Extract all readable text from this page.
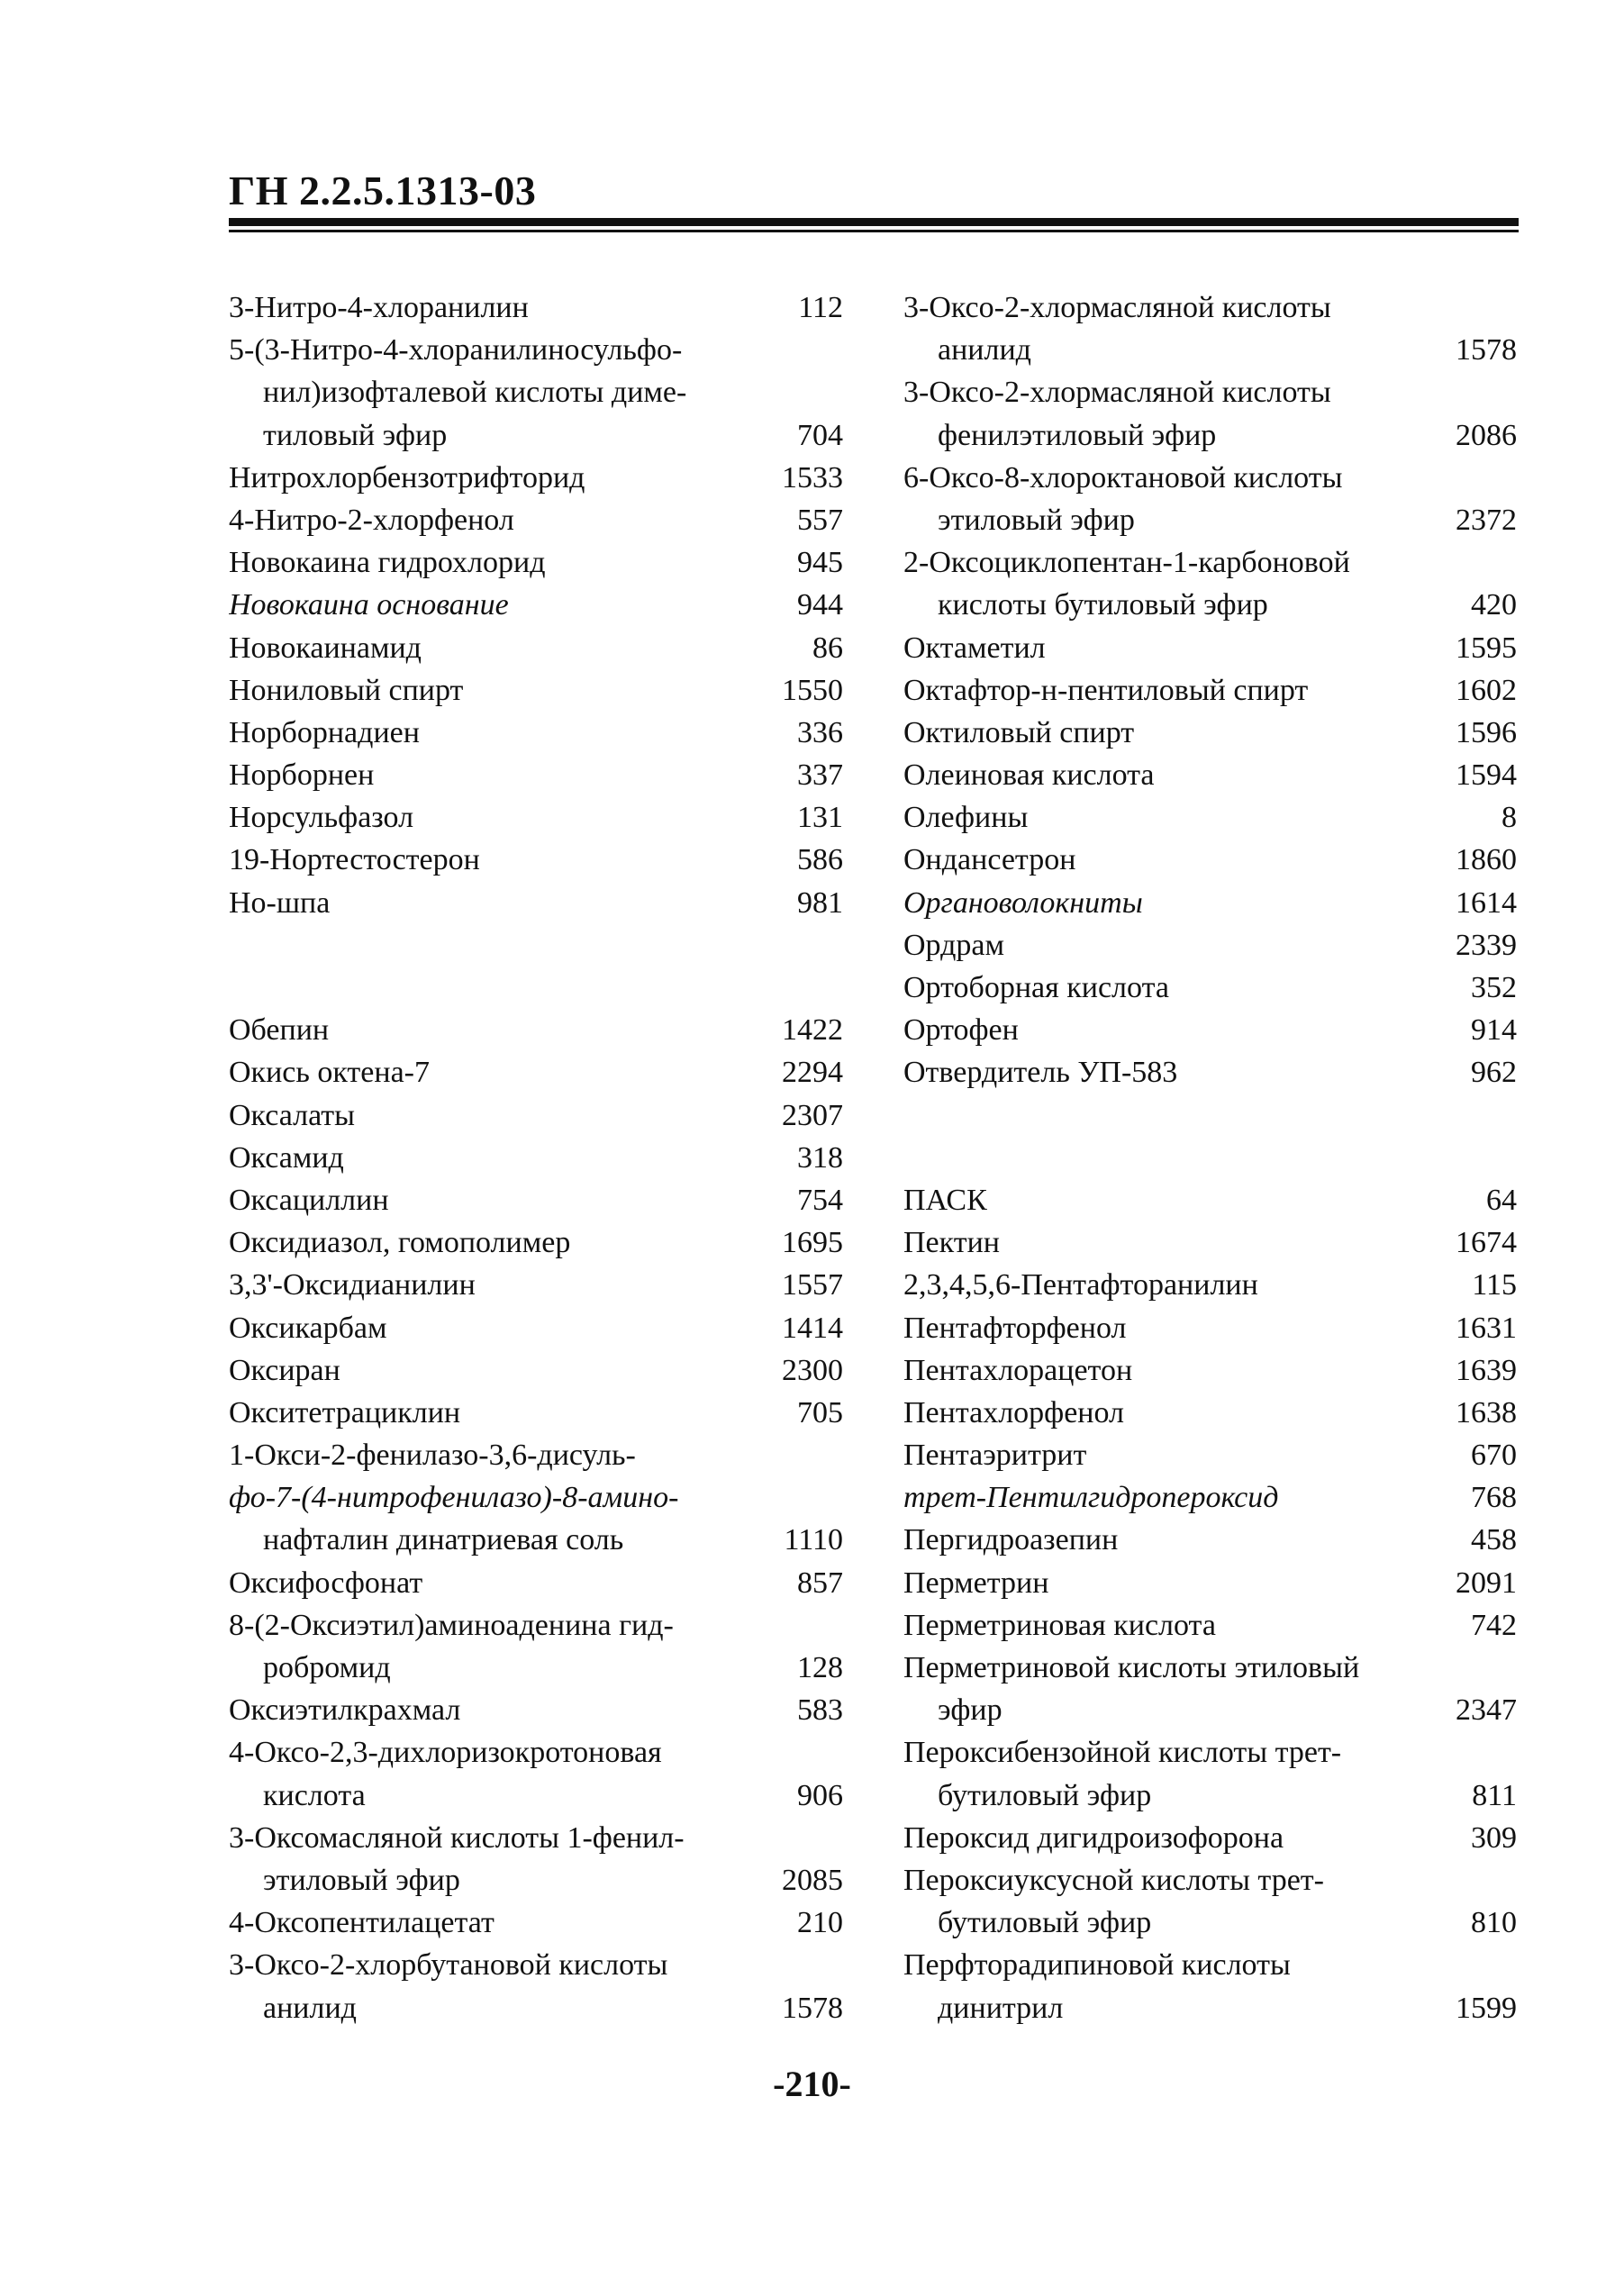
ГН 2.2.5.1313-03
3-Нитро-4-хлоранилин	112
5-(3-Нитро-4-хлоранилиносульфо-
нил)изофталевой кислоты диме-
тиловый эфир	704
Нитрохлорбензотрифторид	1533
4-Нитро-2-хлорфенол	557
Новокаина гидрохлорид	945
Новокаина основание	944
Новокаинамид	86
Нониловый спирт	1550
Норборнадиен	336
Норборнен	337
Норсульфазол	131
19-Нортестостерон	586
Но-шпа	981
Обепин	1422
Окись октена-7	2294
Оксалаты	2307
Оксамид	318
Оксациллин	754
Оксидиазол, гомополимер	1695
3,3'-Оксидианилин	1557
Оксикарбам	1414
Оксиран	2300
Окситетрациклин	705
1-Окси-2-фенилазо-3,6-дисуль-
фо-7-(4-нитрофенилазо)-8-амино-
нафталин динатриевая соль	1110
Оксифосфонат	857
8-(2-Оксиэтил)аминоаденина гид-
робромид	128
Оксиэтилкрахмал	583
4-Оксо-2,3-дихлоризокротоновая
кислота	906
3-Оксомасляной кислоты 1-фенил-
этиловый эфир	2085
4-Оксопентилацетат	210
3-Оксо-2-хлорбутановой кислоты
анилид	1578
3-Оксо-2-хлормасляной кислоты
анилид	1578
3-Оксо-2-хлормасляной кислоты
фенилэтиловый эфир	2086
6-Оксо-8-хлороктановой кислоты
этиловый эфир	2372
2-Оксоциклопентан-1-карбоновой
кислоты бутиловый эфир	420
Октаметил	1595
Октафтор-н-пентиловый спирт	1602
Октиловый спирт	1596
Олеиновая кислота	1594
Олефины	8
Ондансетрон	1860
Органоволокниты	1614
Ордрам	2339
Ортоборная кислота	352
Ортофен	914
Отвердитель УП-583	962
ПАСК	64
Пектин	1674
2,3,4,5,6-Пентафторанилин	115
Пентафторфенол	1631
Пентахлорацетон	1639
Пентахлорфенол	1638
Пентаэритрит	670
трет-Пентилгидропероксид	768
Пергидроазепин	458
Перметрин	2091
Перметриновая кислота	742
Перметриновой кислоты этиловый
эфир	2347
Пероксибензойной кислоты трет-
бутиловый эфир	811
Пероксид дигидроизофорона	309
Пероксиуксусной кислоты трет-
бутиловый эфир	810
Перфторадипиновой кислоты
динитрил	1599
-210-
